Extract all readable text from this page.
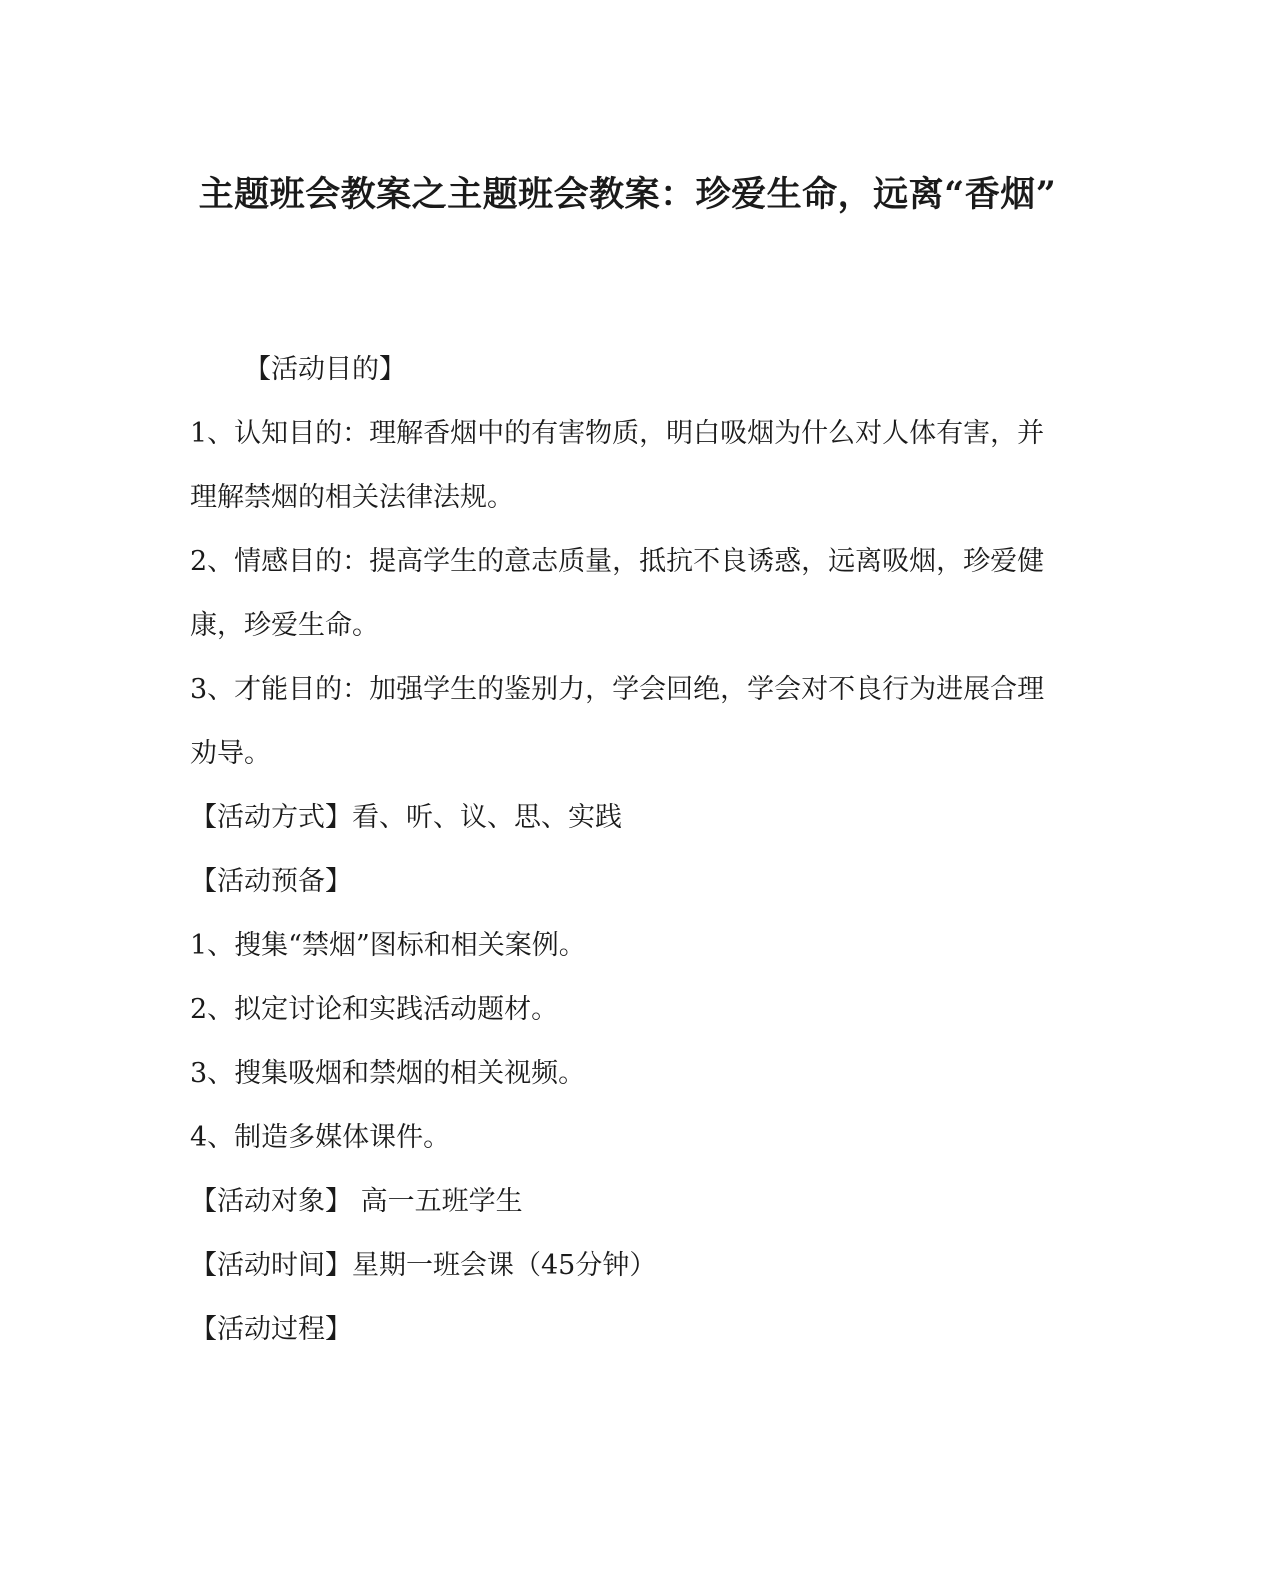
主题班会教案之主题班会教案：珍爱生命，远离“香烟”

【活动目的】

1、认知目的：理解香烟中的有害物质，明白吸烟为什么对人体有害，并理解禁烟的相关法律法规。

2、情感目的：提高学生的意志质量，抵抗不良诱惑，远离吸烟，珍爱健康，珍爱生命。

3、才能目的：加强学生的鉴别力，学会回绝，学会对不良行为进展合理劝导。

【活动方式】看、听、议、思、实践

【活动预备】

1、搜集“禁烟”图标和相关案例。

2、拟定讨论和实践活动题材。

3、搜集吸烟和禁烟的相关视频。

4、制造多媒体课件。

【活动对象】 高一五班学生

【活动时间】星期一班会课（45分钟）

【活动过程】
